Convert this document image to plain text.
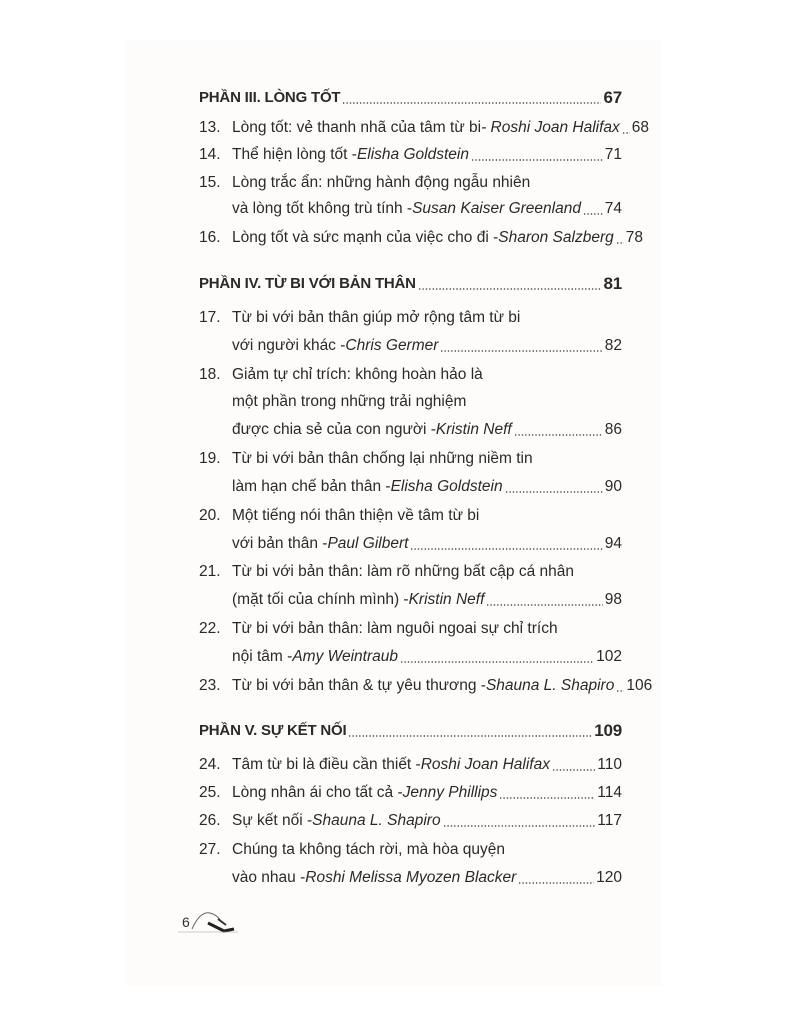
PHẦN III. LÒNG TỐT	67
13. Lòng tốt: vẻ thanh nhã của tâm từ bi - Roshi Joan Halifax 68
14. Thể hiện lòng tốt - Elisha Goldstein	71
15. Lòng trắc ẩn: những hành động ngẫu nhiên
và lòng tốt không trù tính - Susan Kaiser Greenland 74
16. Lòng tốt và sức mạnh của việc cho đi - Sharon Salzberg 78
PHẦN IV. TỪ BI VỚI BẢN THÂN	81
17. Từ bi với bản thân giúp mở rộng tâm từ bi
với người khác - Chris Germer	82
18. Giảm tự chỉ trích: không hoàn hảo là
một phần trong những trải nghiệm
được chia sẻ của con người - Kristin Neff	86
19. Từ bi với bản thân chống lại những niềm tin
làm hạn chế bản thân - Elisha Goldstein	90
20. Một tiếng nói thân thiện về tâm từ bi
với bản thân - Paul Gilbert	94
21. Từ bi với bản thân: làm rõ những bất cập cá nhân
(mặt tối của chính mình) - Kristin Neff	98
22. Từ bi với bản thân: làm nguôi ngoai sự chỉ trích
nội tâm - Amy Weintraub	102
23. Từ bi với bản thân & tự yêu thương - Shauna L. Shapiro 106
PHẦN V. SỰ KẾT NỐI	109
24. Tâm từ bi là điều cần thiết - Roshi Joan Halifax	110
25. Lòng nhân ái cho tất cả - Jenny Phillips	114
26. Sự kết nối - Shauna L. Shapiro	117
27. Chúng ta không tách rời, mà hòa quyện
vào nhau - Roshi Melissa Myozen Blacker	120
6
